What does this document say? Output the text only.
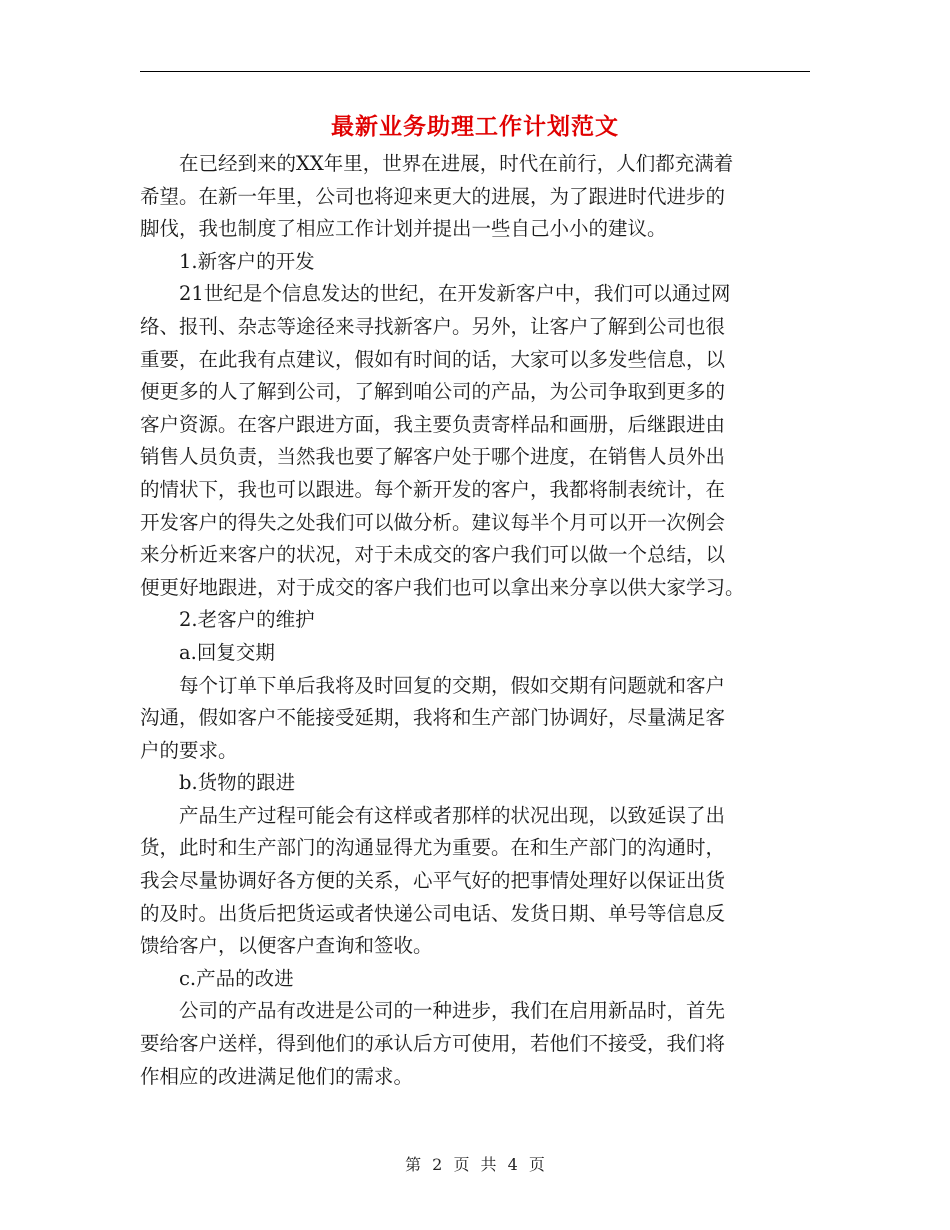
最新业务助理工作计划范文
　　在已经到来的XX年里，世界在进展，时代在前行，人们都充满着
希望。在新一年里，公司也将迎来更大的进展，为了跟进时代进步的
脚伐，我也制度了相应工作计划并提出一些自己小小的建议。
　　1.新客户的开发
　　21世纪是个信息发达的世纪，在开发新客户中，我们可以通过网
络、报刊、杂志等途径来寻找新客户。另外，让客户了解到公司也很
重要，在此我有点建议，假如有时间的话，大家可以多发些信息，以
便更多的人了解到公司，了解到咱公司的产品，为公司争取到更多的
客户资源。在客户跟进方面，我主要负责寄样品和画册，后继跟进由
销售人员负责，当然我也要了解客户处于哪个进度，在销售人员外出
的情状下，我也可以跟进。每个新开发的客户，我都将制表统计，在
开发客户的得失之处我们可以做分析。建议每半个月可以开一次例会
来分析近来客户的状况，对于未成交的客户我们可以做一个总结，以
便更好地跟进，对于成交的客户我们也可以拿出来分享以供大家学习。
　　2.老客户的维护
　　a.回复交期
　　每个订单下单后我将及时回复的交期，假如交期有问题就和客户
沟通，假如客户不能接受延期，我将和生产部门协调好，尽量满足客
户的要求。
　　b.货物的跟进
　　产品生产过程可能会有这样或者那样的状况出现，以致延误了出
货，此时和生产部门的沟通显得尤为重要。在和生产部门的沟通时，
我会尽量协调好各方便的关系，心平气好的把事情处理好以保证出货
的及时。出货后把货运或者快递公司电话、发货日期、单号等信息反
馈给客户，以便客户查询和签收。
　　c.产品的改进
　　公司的产品有改进是公司的一种进步，我们在启用新品时，首先
要给客户送样，得到他们的承认后方可使用，若他们不接受，我们将
作相应的改进满足他们的需求。
第 2 页 共 4 页
